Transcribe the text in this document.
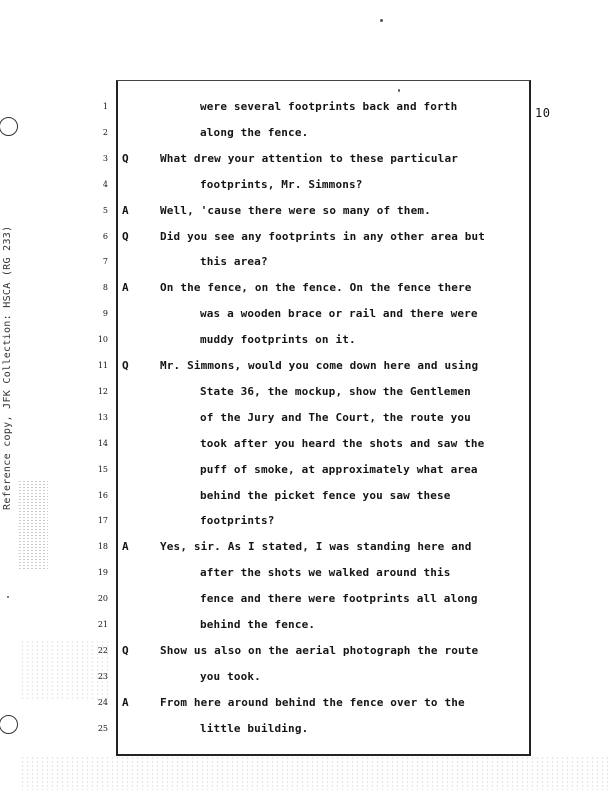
Reference copy, JFK Collection: HSCA (RG 233)
10
1	were several footprints back and forth
2	along the fence.
3 Q	What drew your attention to these particular
4	footprints, Mr. Simmons?
5 A	Well, 'cause there were so many of them.
6 Q	Did you see any footprints in any other area but
7	this area?
8 A	On the fence, on the fence. On the fence there
9	was a wooden brace or rail and there were
10	muddy footprints on it.
11 Q	Mr. Simmons, would you come down here and using
12	State 36, the mockup, show the Gentlemen
13	of the Jury and The Court, the route you
14	took after you heard the shots and saw the
15	puff of smoke, at approximately what area
16	behind the picket fence you saw these
17	footprints?
18 A	Yes, sir. As I stated, I was standing here and
19	after the shots we walked around this
20	fence and there were footprints all along
21	behind the fence.
22 Q	Show us also on the aerial photograph the route
23	you took.
24 A	From here around behind the fence over to the
25	little building.
